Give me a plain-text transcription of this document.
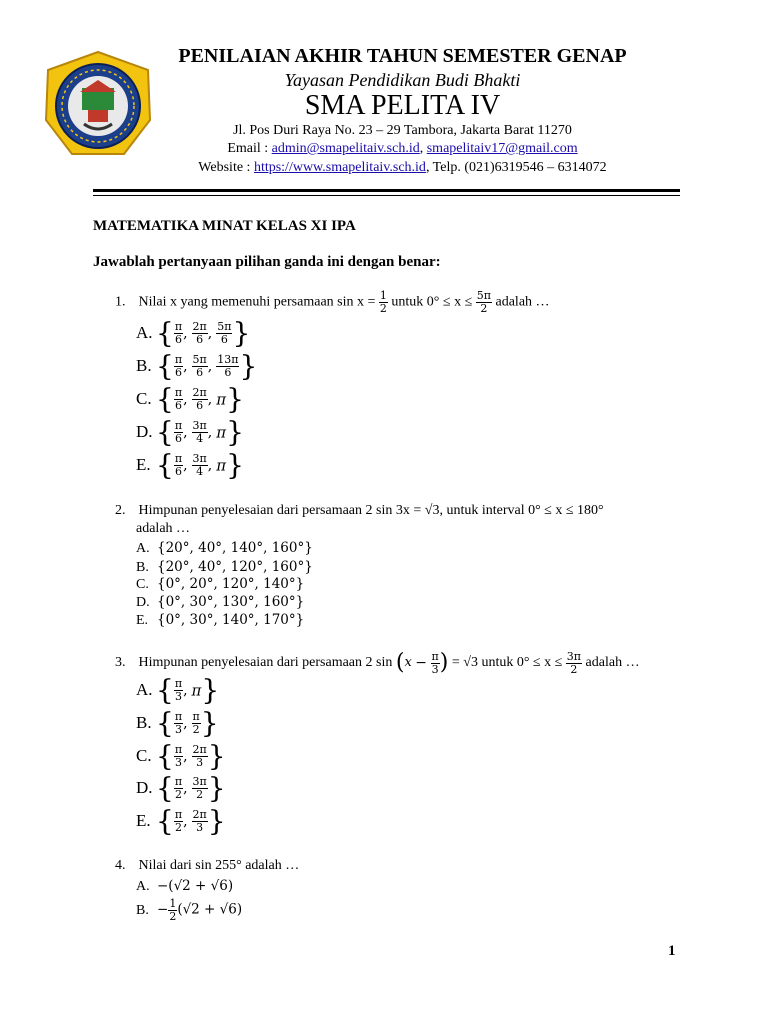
PENILAIAN AKHIR TAHUN SEMESTER GENAP
Yayasan Pendidikan Budi Bhakti
SMA PELITA IV
Jl. Pos Duri Raya No. 23 – 29 Tambora, Jakarta Barat 11270
Email : admin@smapelitaiv.sch.id, smapelitaiv17@gmail.com
Website : https://www.smapelitaiv.sch.id, Telp. (021)6319546 – 6314072
MATEMATIKA MINAT KELAS XI IPA
Jawablah pertanyaan pilihan ganda ini dengan benar:
1. Nilai x yang memenuhi persamaan $\sin x = \frac{1}{2}$ untuk $0^\circ \le x \le \frac{5\pi}{2}$ adalah …
A. { $\frac{\pi}{6}$ , $\frac{2\pi}{6}$ , $\frac{5\pi}{6}$ }
B. { $\frac{\pi}{6}$ , $\frac{5\pi}{6}$ , $\frac{13\pi}{6}$ }
C. { $\frac{\pi}{6}$ , $\frac{2\pi}{6}$ , π}
D. { $\frac{\pi}{6}$ , $\frac{3\pi}{4}$ , π}
E. { $\frac{\pi}{6}$ , $\frac{3\pi}{4}$ , π}
2. Himpunan penyelesaian dari persamaan 2 sin 3x = √3, untuk interval 0° ≤ x ≤ 180°
adalah …
A. {20°, 40°, 140°, 160°}
B. {20°, 40°, 120°, 160°}
C. {0°, 20°, 120°, 140°}
D. {0°, 30°, 130°, 160°}
E. {0°, 30°, 140°, 170°}
3. Himpunan penyelesaian dari persamaan 2 $\sin (x - \frac{\pi}{3}$ ) = √3 untuk $0^\circ \le x \le \frac{3\pi}{2}$ adalah …
A. { $\frac{\pi}{3}$ , π}
B. { $\frac{\pi}{3}$ , $\frac{\pi}{2}$ }
C. { $\frac{\pi}{3}$ , $\frac{2\pi}{3}$ }
D. { $\frac{\pi}{2}$ , $\frac{3\pi}{2}$ }
E. { $\frac{\pi}{2}$ , $\frac{2\pi}{3}$ }
4. Nilai dari sin 255° adalah …
A. −(√2 + √6)
B. − $\frac{1}{2} (√2 + √6)$
1
